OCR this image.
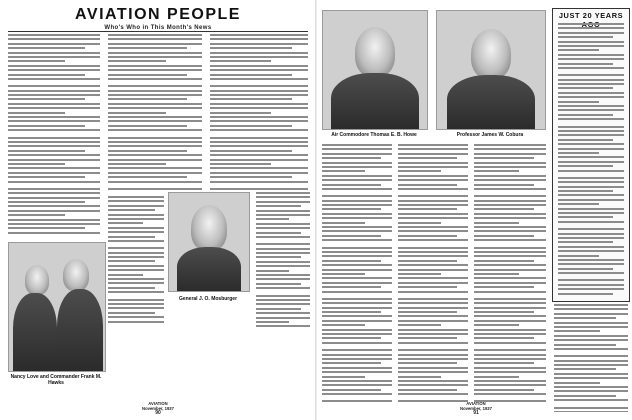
AVIATION PEOPLE
Who's Who in This Month's News
General J. O. Mosburger
Nancy Love and Commander Frank M. Hawks
AVIATION
November, 1937
90
Air Commodore Thomas E. B. Howe	Professor James W. Cobura
JUST 20 YEARS
AVIATION
November, 1937
91
